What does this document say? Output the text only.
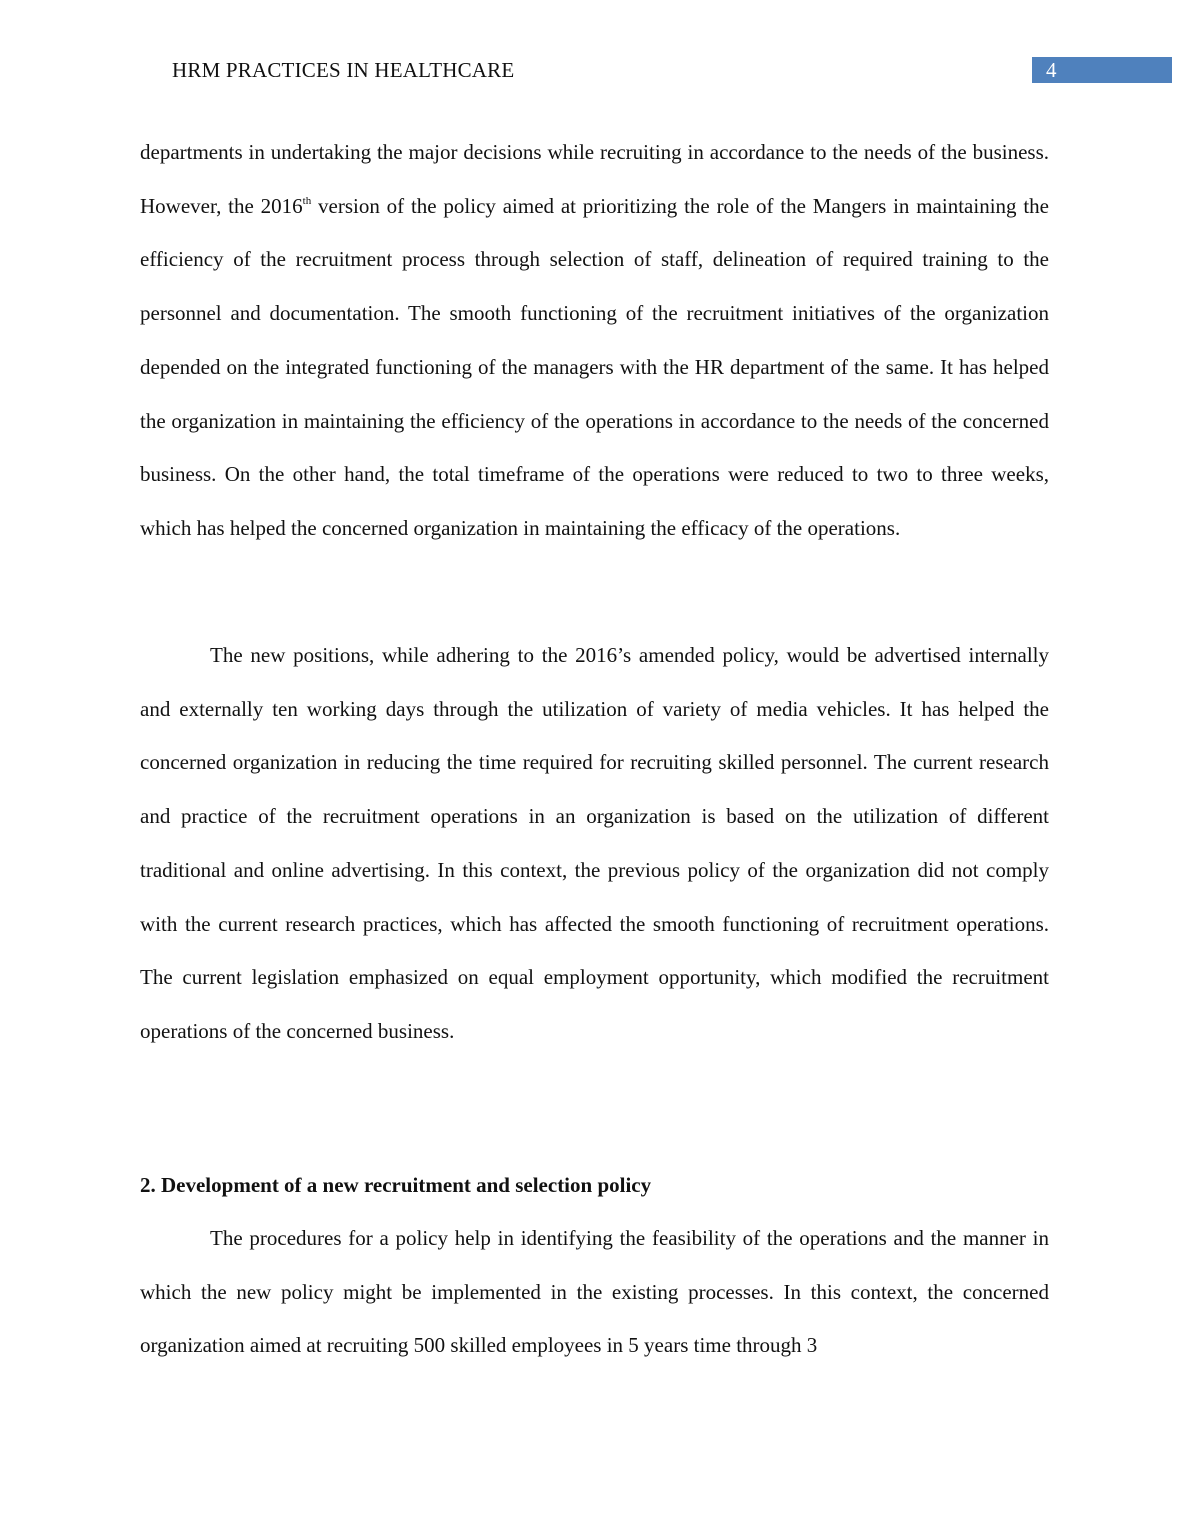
HRM PRACTICES IN HEALTHCARE	4

departments in undertaking the major decisions while recruiting in accordance to the needs of the business. However, the 2016th version of the policy aimed at prioritizing the role of the Mangers in maintaining the efficiency of the recruitment process through selection of staff, delineation of required training to the personnel and documentation. The smooth functioning of the recruitment initiatives of the organization depended on the integrated functioning of the managers with the HR department of the same. It has helped the organization in maintaining the efficiency of the operations in accordance to the needs of the concerned business. On the other hand, the total timeframe of the operations were reduced to two to three weeks, which has helped the concerned organization in maintaining the efficacy of the operations.

The new positions, while adhering to the 2016’s amended policy, would be advertised internally and externally ten working days through the utilization of variety of media vehicles. It has helped the concerned organization in reducing the time required for recruiting skilled personnel. The current research and practice of the recruitment operations in an organization is based on the utilization of different traditional and online advertising. In this context, the previous policy of the organization did not comply with the current research practices, which has affected the smooth functioning of recruitment operations. The current legislation emphasized on equal employment opportunity, which modified the recruitment operations of the concerned business.

2. Development of a new recruitment and selection policy

The procedures for a policy help in identifying the feasibility of the operations and the manner in which the new policy might be implemented in the existing processes. In this context, the concerned organization aimed at recruiting 500 skilled employees in 5 years time through 3
